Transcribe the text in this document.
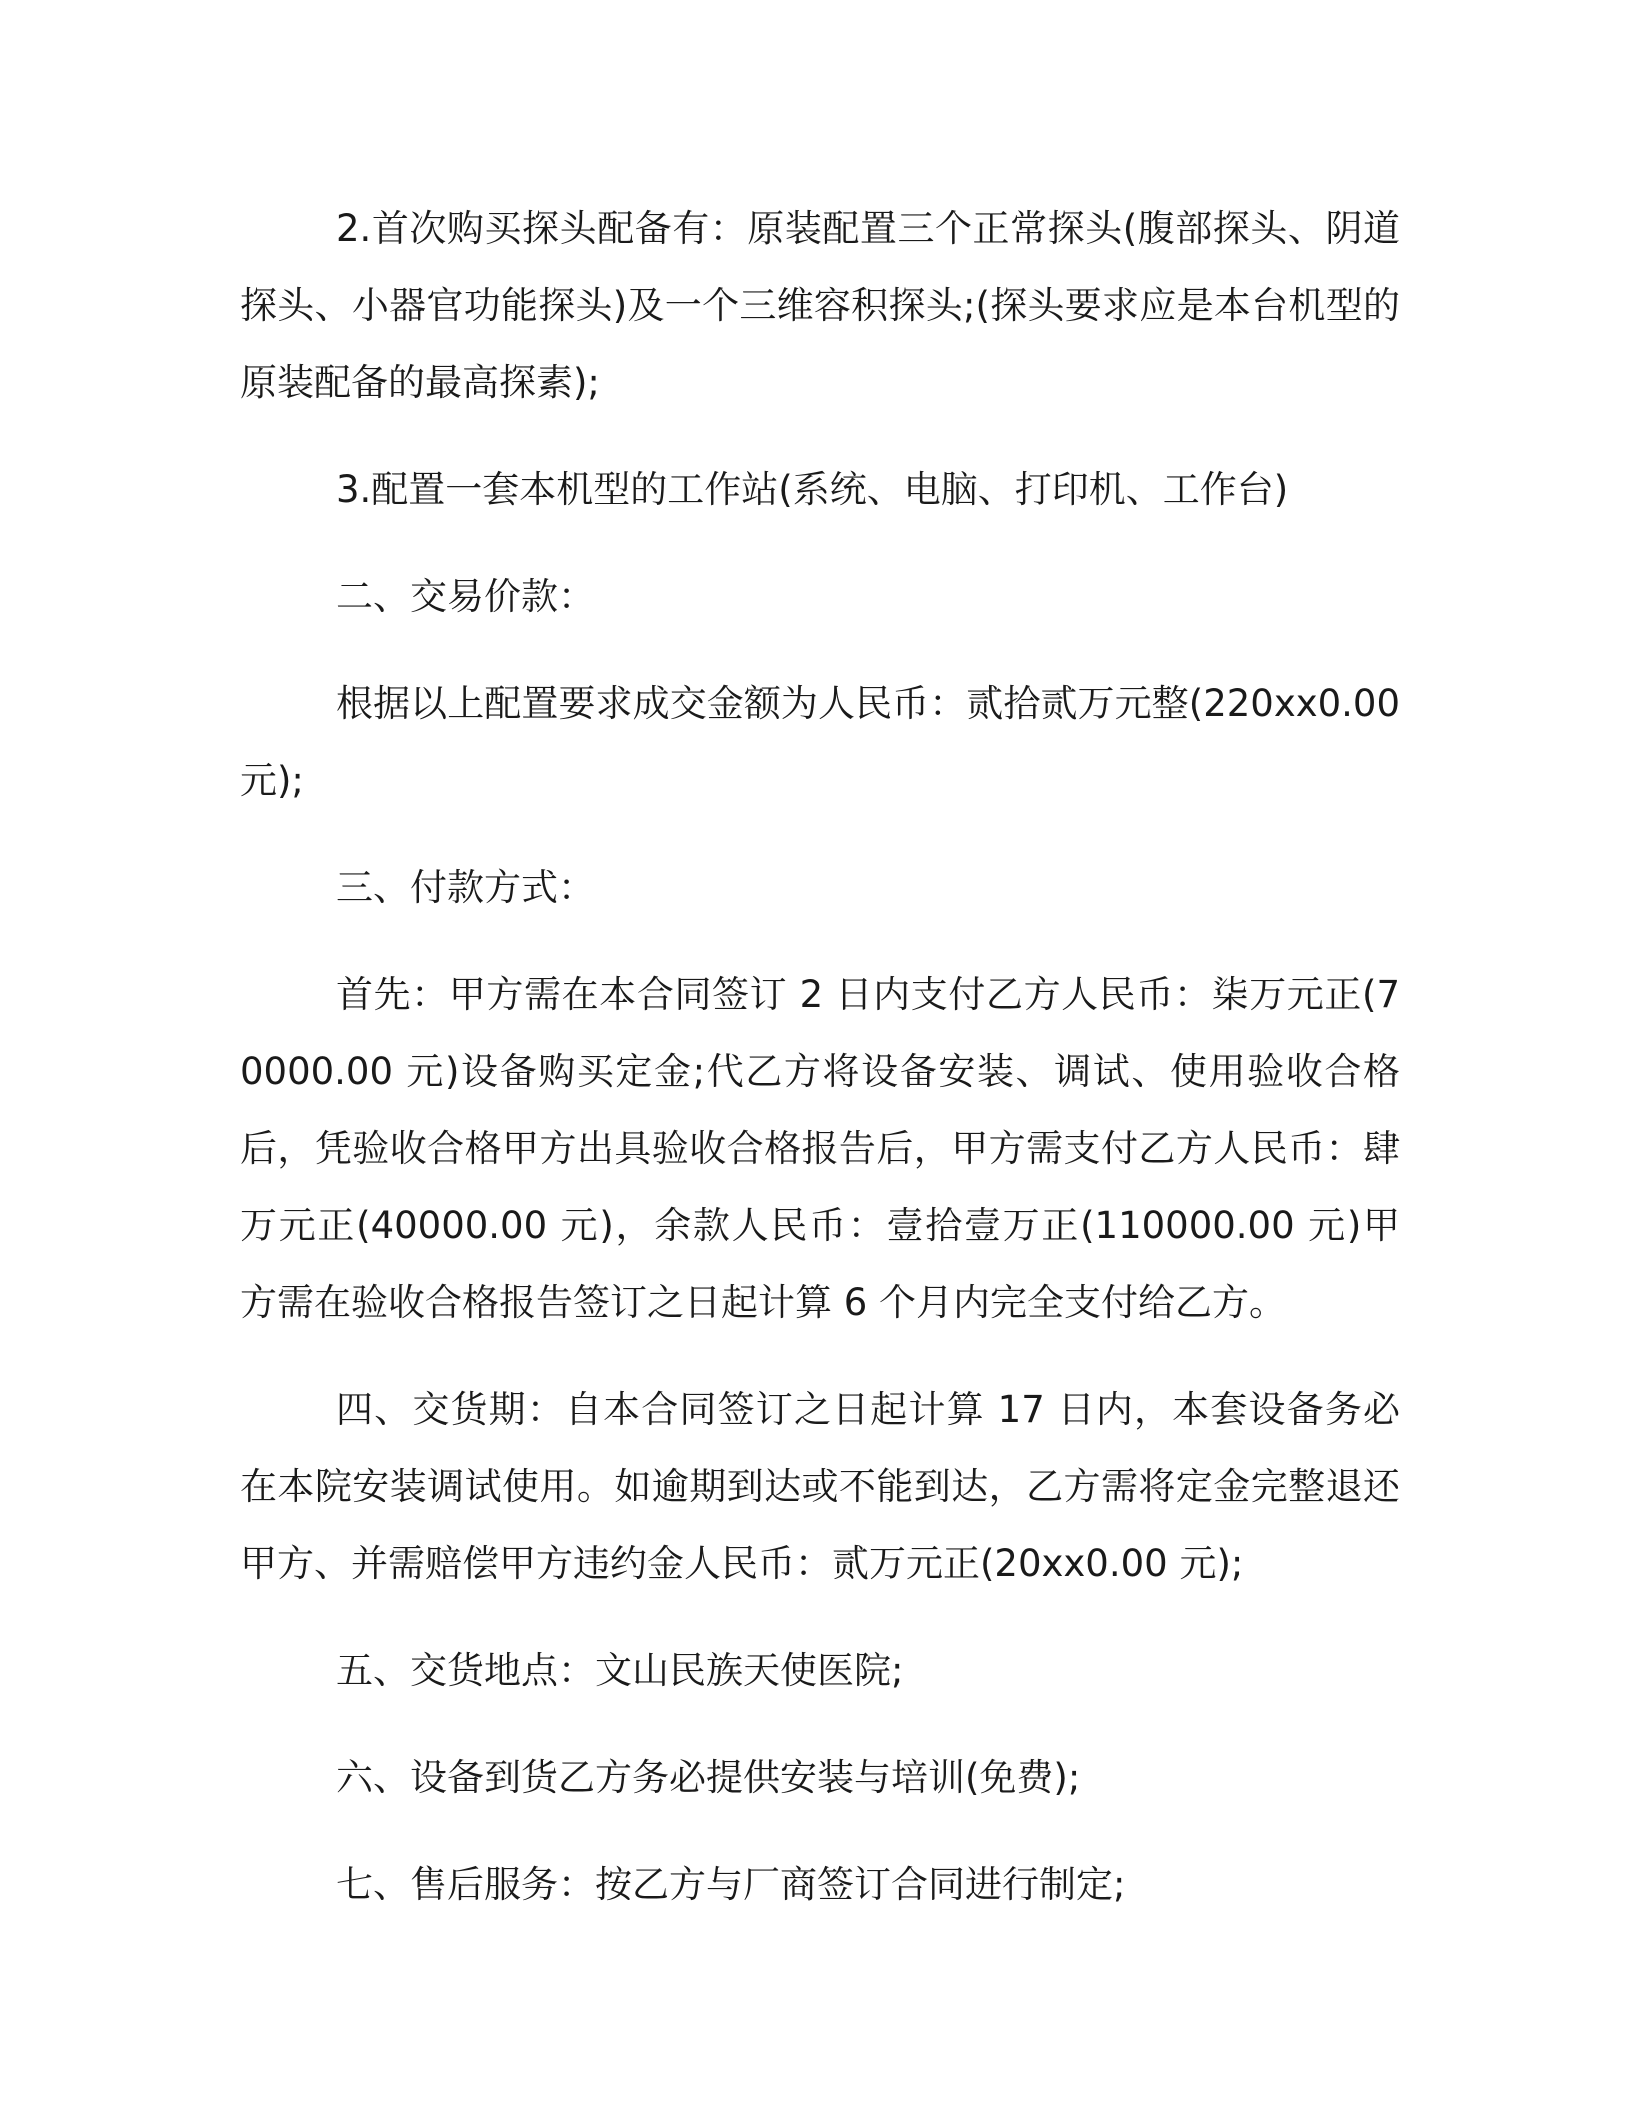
2.首次购买探头配备有：原装配置三个正常探头(腹部探头、阴道探头、小器官功能探头)及一个三维容积探头;(探头要求应是本台机型的原装配备的最高探素);

3.配置一套本机型的工作站(系统、电脑、打印机、工作台)

二、交易价款：

根据以上配置要求成交金额为人民币：贰拾贰万元整(220xx0.00元);

三、付款方式：

首先：甲方需在本合同签订 2 日内支付乙方人民币：柒万元正(70000.00 元)设备购买定金;代乙方将设备安装、调试、使用验收合格后，凭验收合格甲方出具验收合格报告后，甲方需支付乙方人民币：肆万元正(40000.00 元)，余款人民币：壹拾壹万正(110000.00 元)甲方需在验收合格报告签订之日起计算 6 个月内完全支付给乙方。

四、交货期：自本合同签订之日起计算 17 日内，本套设备务必在本院安装调试使用。如逾期到达或不能到达，乙方需将定金完整退还甲方、并需赔偿甲方违约金人民币：贰万元正(20xx0.00 元);

五、交货地点：文山民族天使医院;

六、设备到货乙方务必提供安装与培训(免费);

七、售后服务：按乙方与厂商签订合同进行制定;
